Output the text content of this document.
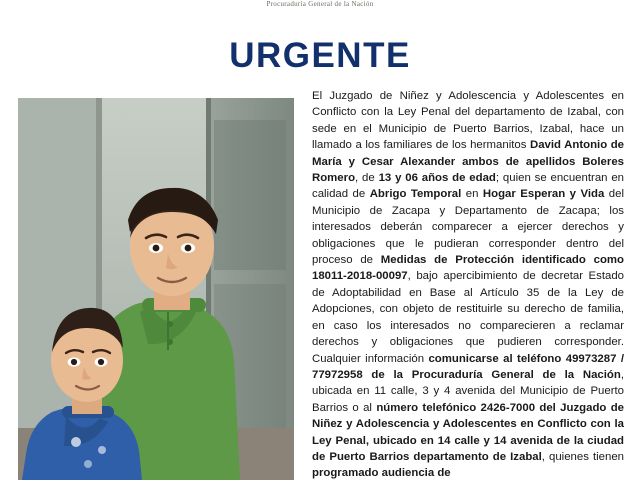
Procuraduría General de la Nación
URGENTE
El Juzgado de Niñez y Adolescencia y Adolescentes en Conflicto con la Ley Penal del departamento de Izabal, con sede en el Municipio de Puerto Barrios, Izabal, hace un llamado a los familiares de los hermanitos David Antonio de María y Cesar Alexander ambos de apellidos Boleres Romero, de 13 y 06 años de edad; quien se encuentran en calidad de Abrigo Temporal en Hogar Esperan y Vida del Municipio de Zacapa y Departamento de Zacapa; los interesados deberán comparecer a ejercer derechos y obligaciones que le pudieran corresponder dentro del proceso de Medidas de Protección identificado como 18011-2018-00097, bajo apercibimiento de decretar Estado de Adoptabilidad en Base al Artículo 35 de la Ley de Adopciones, con objeto de restituirle su derecho de familia, en caso los interesados no comparecieren a reclamar derechos y obligaciones que pudieren corresponder. Cualquier información comunicarse al teléfono 49973287 / 77972958 de la Procuraduría General de la Nación, ubicada en 11 calle, 3 y 4 avenida del Municipio de Puerto Barrios o al número telefónico 2426-7000 del Juzgado de Niñez y Adolescencia y Adolescentes en Conflicto con la Ley Penal, ubicado en 14 calle y 14 avenida de la ciudad de Puerto Barrios departamento de Izabal, quienes tienen programado audiencia de
